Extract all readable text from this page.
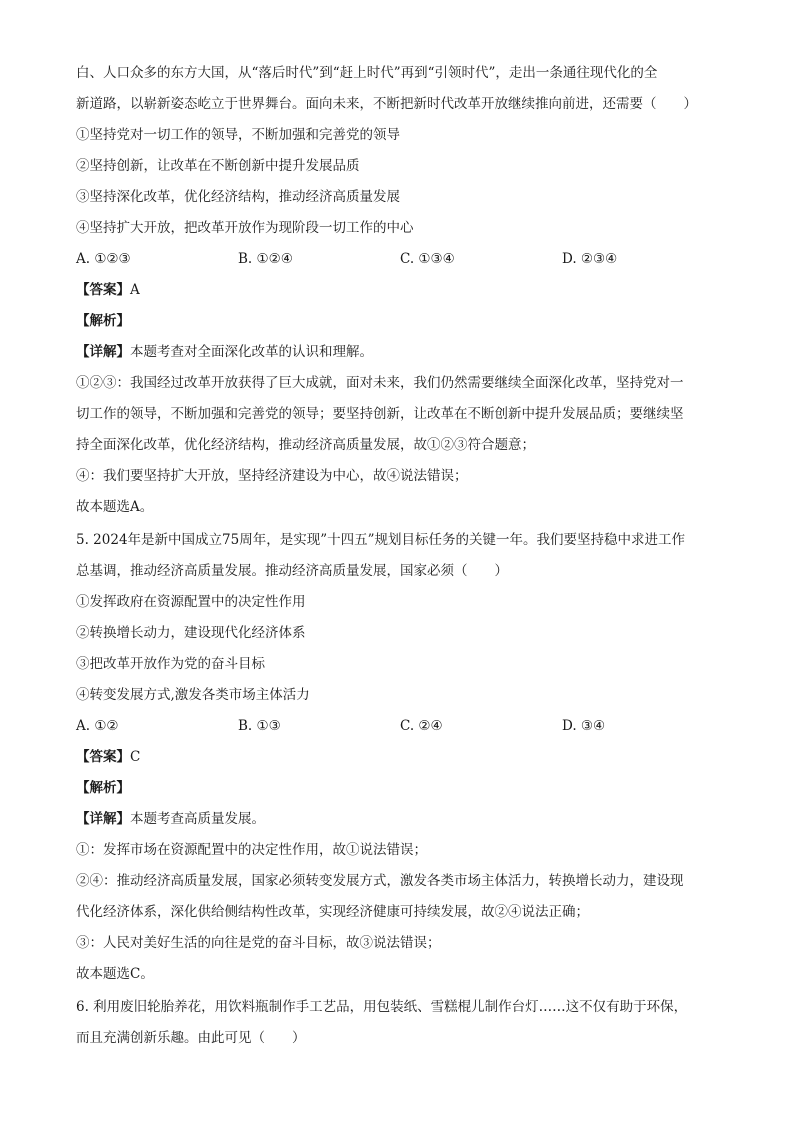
白、人口众多的东方大国，从“落后时代”到“赶上时代”再到“引领时代”，走出一条通往现代化的全
新道路，以崭新姿态屹立于世界舞台。面向未来，不断把新时代改革开放继续推向前进，还需要（　　）
①坚持党对一切工作的领导，不断加强和完善党的领导
②坚持创新，让改革在不断创新中提升发展品质
③坚持深化改革，优化经济结构，推动经济高质量发展
④坚持扩大开放，把改革开放作为现阶段一切工作的中心
A. ①②③	B. ①②④	C. ①③④	D. ②③④
【答案】A
【解析】
【详解】本题考查对全面深化改革的认识和理解。
①②③：我国经过改革开放获得了巨大成就，面对未来，我们仍然需要继续全面深化改革，坚持党对一
切工作的领导，不断加强和完善党的领导；要坚持创新，让改革在不断创新中提升发展品质；要继续坚
持全面深化改革，优化经济结构，推动经济高质量发展，故①②③符合题意；
④：我们要坚持扩大开放，坚持经济建设为中心，故④说法错误；
故本题选A。
5. 2024年是新中国成立75周年，是实现”十四五”规划目标任务的关键一年。我们要坚持稳中求进工作
总基调，推动经济高质量发展。推动经济高质量发展，国家必须（　　）
①发挥政府在资源配置中的决定性作用
②转换增长动力，建设现代化经济体系
③把改革开放作为党的奋斗目标
④转变发展方式,激发各类市场主体活力
A. ①②	B. ①③	C. ②④	D. ③④
【答案】C
【解析】
【详解】本题考查高质量发展。
①：发挥市场在资源配置中的决定性作用，故①说法错误；
②④：推动经济高质量发展，国家必须转变发展方式，激发各类市场主体活力，转换增长动力，建设现
代化经济体系，深化供给侧结构性改革，实现经济健康可持续发展，故②④说法正确；
③：人民对美好生活的向往是党的奋斗目标，故③说法错误；
故本题选C。
6. 利用废旧轮胎养花，用饮料瓶制作手工艺品，用包装纸、雪糕棍儿制作台灯……这不仅有助于环保，
而且充满创新乐趣。由此可见（　　）
